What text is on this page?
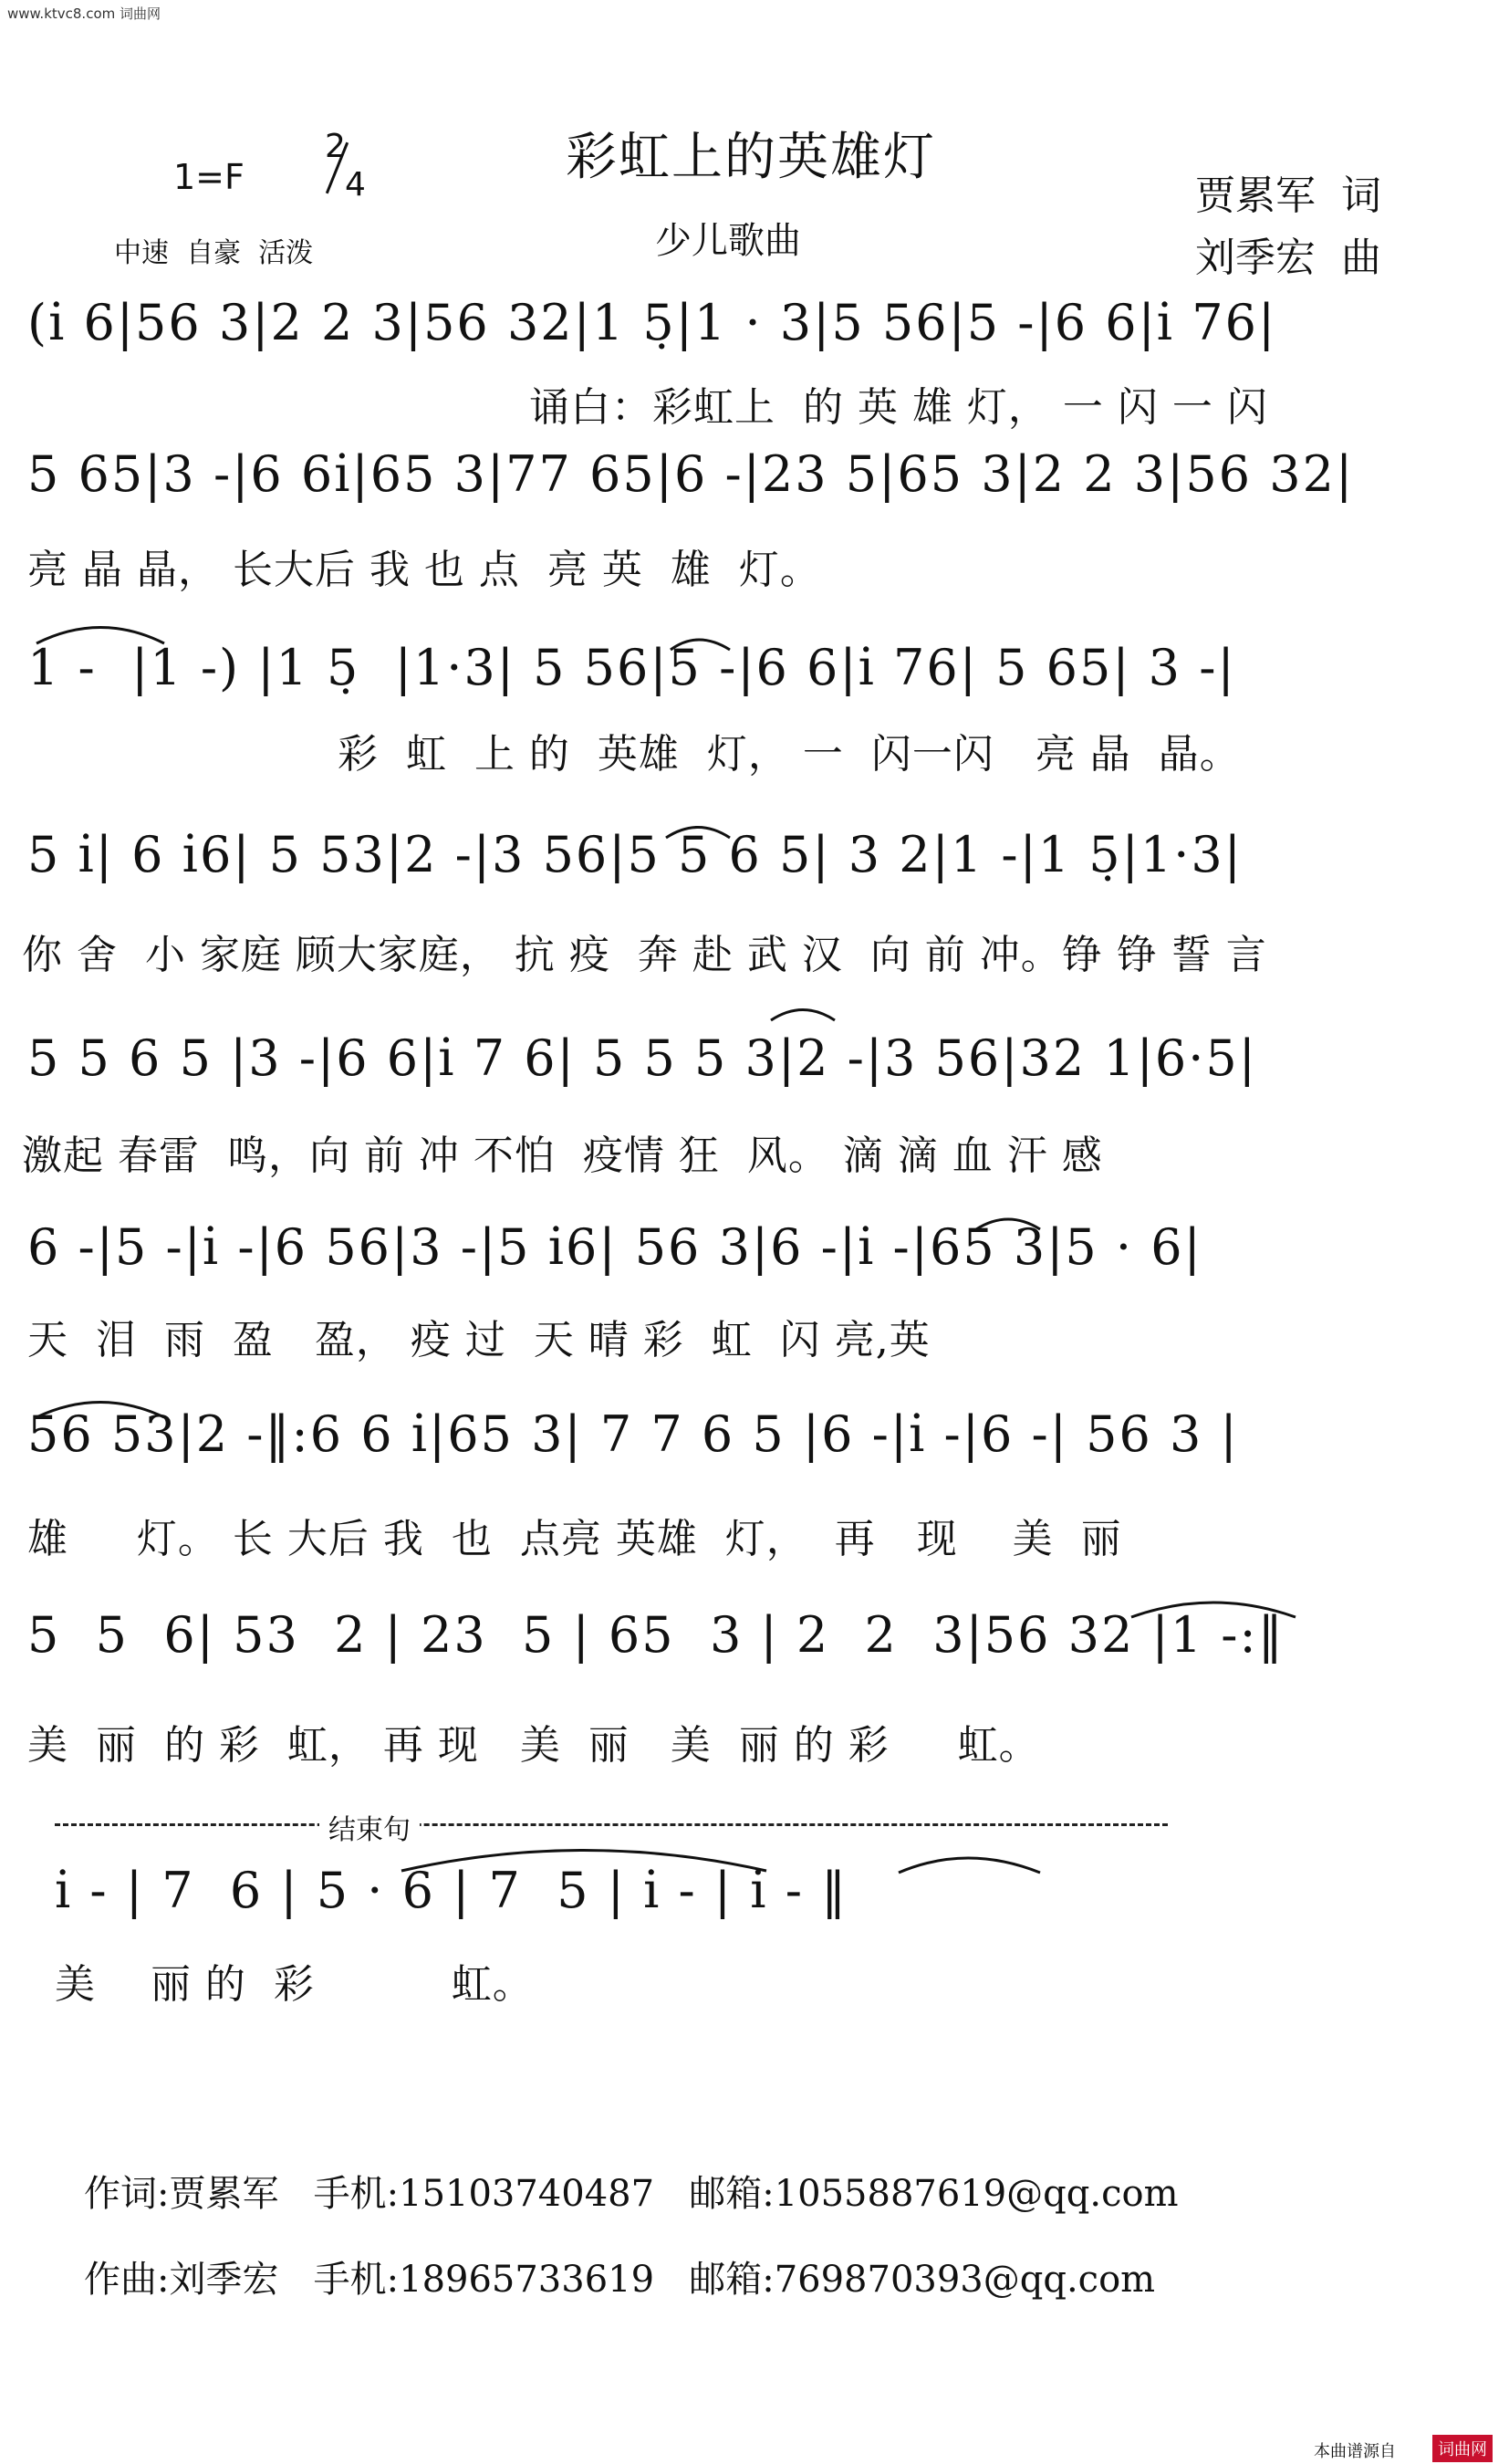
www.ktvc8.com 词曲网
彩虹上的英雄灯
少儿歌曲
1=F

2

4

中速  自豪  活泼
贾累军  词
刘季宏  曲
(i̇ 6|56 3|2 2 3|56 32|1 5̣|1 · 3|5 56|5 -|6 6|i̇ 76|
诵白：彩虹上  的 英 雄 灯， 一 闪 一 闪
5 65|3 -|6 6i̇|65 3|77 65|6 -|23 5|65 3|2 2 3|56 32|
亮 晶 晶， 长大后 我 也 点  亮 英  雄  灯。
1 -  |1 -) |1 5̣  |1·3| 5 56|5 -|6 6|i̇ 76| 5 65| 3 -|
彩  虹  上 的  英雄  灯， 一  闪一闪   亮 晶  晶。
5 i̇| 6 i̇6| 5 53|2 -|3 56|5 5 6 5| 3 2|1 -|1 5̣|1·3|
你 舍  小 家庭 顾大家庭， 抗 疫  奔 赴 武 汉  向 前 冲。铮 铮 誓 言
5 5 6 5 |3 -|6 6|i̇ 7 6| 5 5 5 3|2 -|3 56|32 1|6·5|
激起 春雷  鸣，向 前 冲 不怕  疫情 狂  风。 滴 滴 血 汗 感
6 -|5 -|i̇ -|6 56|3 -|5 i̇6| 56 3|6 -|i̇ -|65 3|5 · 6|
天  泪  雨  盈   盈， 疫 过  天 晴 彩  虹  闪 亮,英
56 53|2 -‖:6 6 i̇|65 3| 7 7 6 5 |6 -|i̇ -|6 -| 56 3 |
雄     灯。 长 大后 我  也  点亮 英雄  灯，  再   现    美  丽
5  5  6| 53  2 | 23  5 | 65  3 | 2  2  3|56 32 |1 -:‖
美  丽  的 彩  虹， 再 现   美  丽   美  丽 的 彩     虹。

结束句

i̇ - | 7  6 | 5 · 6 | 7  5 | i̇ - | i̇ - ‖
美    丽 的  彩          虹。
作词:贾累军 手机:15103740487 邮箱:1055887619@qq.com
作曲:刘季宏 手机:18965733619 邮箱:769870393@qq.com
本曲谱源自	词曲网
